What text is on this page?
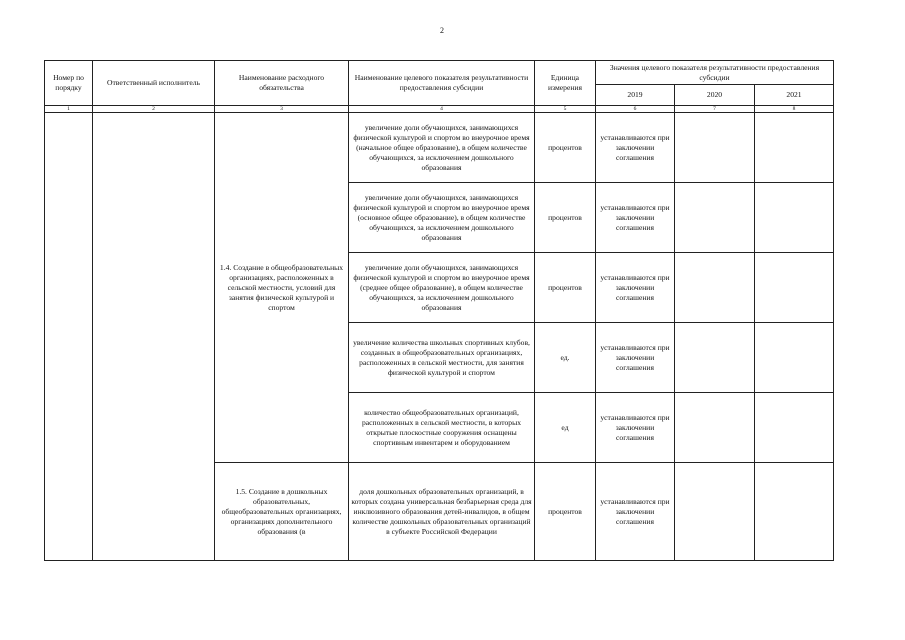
2
Номер по порядку	Ответственный исполнитель	Наименование расходного обязательства	Наименование целевого показателя результативности предоставления субсидии	Единица измерения	Значения целевого показателя результативности предоставления субсидии		
					2019	2020	2021
1	2	3	4	5	6	7	8
		1.4. Создание в общеобразовательных организациях, расположенных в сельской местности, условий для занятия физической культурой и спортом	увеличение доли обучающихся, занимающихся физической культурой и спортом во внеурочное время (начальное общее образование), в общем количестве обучающихся, за исключением дошкольного образования	процентов	устанавливаются при заключении соглашения		
			увеличение доли обучающихся, занимающихся физической культурой и спортом во внеурочное время (основное общее образование), в общем количестве обучающихся, за исключением дошкольного образования	процентов	устанавливаются при заключении соглашения		
			увеличение доли обучающихся, занимающихся физической культурой и спортом во внеурочное время (среднее общее образование), в общем количестве обучающихся, за исключением дошкольного образования	процентов	устанавливаются при заключении соглашения		
			увеличение количества школьных спортивных клубов, созданных в общеобразовательных организациях, расположенных в сельской местности, для занятия физической культурой и спортом	ед.	устанавливаются при заключении соглашения		
			количество общеобразовательных организаций, расположенных в сельской местности, в которых открытые плоскостные сооружения оснащены спортивным инвентарем и оборудованием	ед	устанавливаются при заключении соглашения		
		1.5. Создание в дошкольных образовательных, общеобразовательных организациях, организациях дополнительного образования (в	доля дошкольных образовательных организаций, в которых создана универсальная безбарьерная среда для инклюзивного образования детей-инвалидов, в общем количестве дошкольных образовательных организаций в субъекте Российской Федерации	процентов	устанавливаются при заключении соглашения		
